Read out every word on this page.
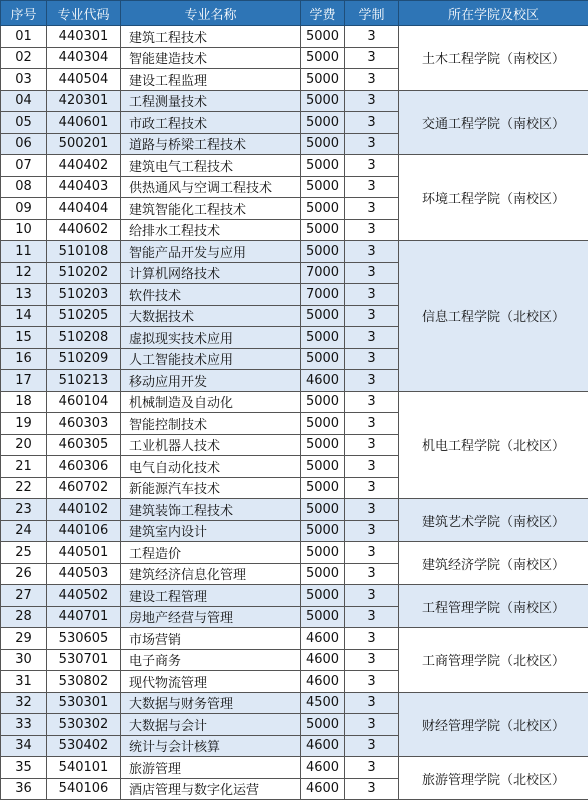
序号	专业代码	专业名称	学费	学制	所在学院及校区
01	440301	建筑工程技术	5000	3	土木工程学院（南校区）
02	440304	智能建造技术	5000	3	
03	440504	建设工程监理	5000	3	
04	420301	工程测量技术	5000	3	交通工程学院（南校区）
05	440601	市政工程技术	5000	3	
06	500201	道路与桥梁工程技术	5000	3	
07	440402	建筑电气工程技术	5000	3	环境工程学院（南校区）
08	440403	供热通风与空调工程技术	5000	3	
09	440404	建筑智能化工程技术	5000	3	
10	440602	给排水工程技术	5000	3	
11	510108	智能产品开发与应用	5000	3	信息工程学院（北校区）
12	510202	计算机网络技术	7000	3	
13	510203	软件技术	7000	3	
14	510205	大数据技术	5000	3	
15	510208	虚拟现实技术应用	5000	3	
16	510209	人工智能技术应用	5000	3	
17	510213	移动应用开发	4600	3	
18	460104	机械制造及自动化	5000	3	机电工程学院（北校区）
19	460303	智能控制技术	5000	3	
20	460305	工业机器人技术	5000	3	
21	460306	电气自动化技术	5000	3	
22	460702	新能源汽车技术	5000	3	
23	440102	建筑装饰工程技术	5000	3	建筑艺术学院（南校区）
24	440106	建筑室内设计	5000	3	
25	440501	工程造价	5000	3	建筑经济学院（南校区）
26	440503	建筑经济信息化管理	5000	3	
27	440502	建设工程管理	5000	3	工程管理学院（南校区）
28	440701	房地产经营与管理	5000	3	
29	530605	市场营销	4600	3	工商管理学院（北校区）
30	530701	电子商务	4600	3	
31	530802	现代物流管理	4600	3	
32	530301	大数据与财务管理	4500	3	财经管理学院（北校区）
33	530302	大数据与会计	5000	3	
34	530402	统计与会计核算	4600	3	
35	540101	旅游管理	4600	3	旅游管理学院（北校区）
36	540106	酒店管理与数字化运营	4600	3	
